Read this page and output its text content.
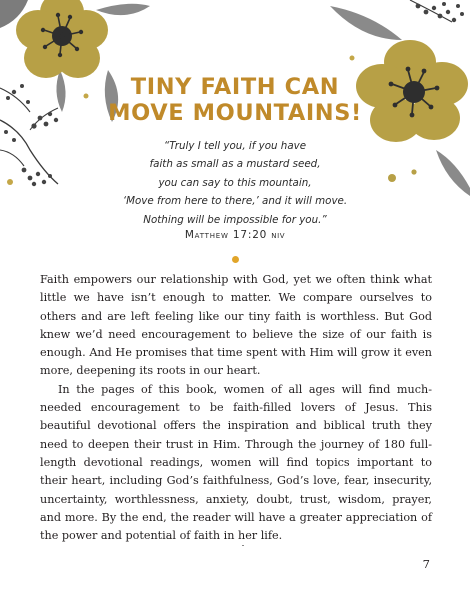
TINY FAITH CAN
MOVE MOUNTAINS!
“Truly I tell you, if you have
faith as small as a mustard seed,
you can say to this mountain,
‘Move from here to there,’ and it will move.
Nothing will be impossible for you.”
Matthew 17:20 NIV

Faith empowers our relationship with God, yet we often think what little we have isn’t enough to matter. We compare ourselves to others and are left feeling like our tiny faith is worthless. But God knew we’d need encouragement to believe the size of our faith is enough. And He promises that time spent with Him will grow it even more, deepening its roots in our heart.

In the pages of this book, women of all ages will find much-needed encouragement to be faith-filled lovers of Jesus. This beautiful devotional offers the inspiration and biblical truth they need to deepen their trust in Him. Through the journey of 180 full-length devotional readings, women will find topics important to their heart, including God’s faithfulness, God’s love, fear, insecurity, uncertainty, worthlessness, anxiety, doubt, trust, wisdom, prayer, and more. By the end, the reader will have a greater appreciation of the power and potential of faith in her life.

7
